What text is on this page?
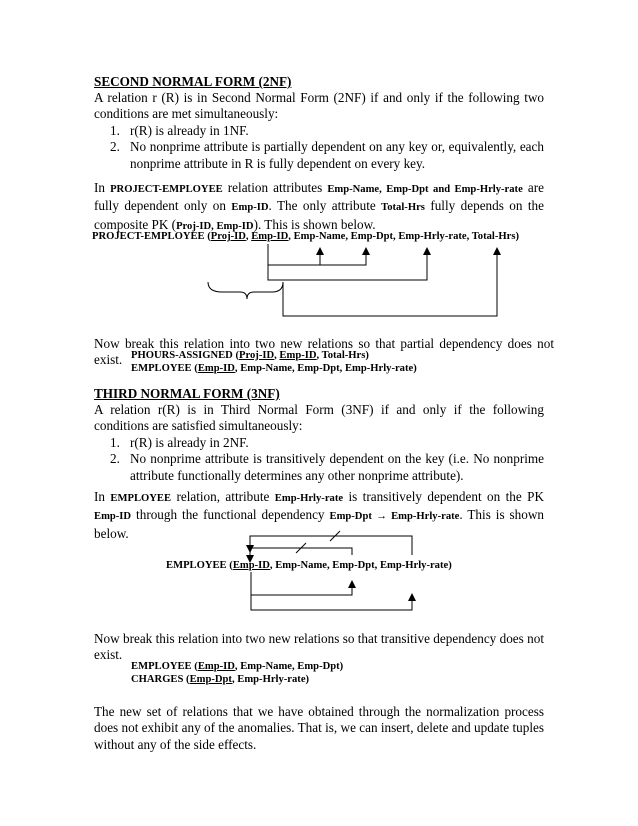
SECOND NORMAL FORM (2NF)

A relation r (R) is in Second Normal Form (2NF) if and only if the following two conditions are met simultaneously:

1. r(R) is already in 1NF.
2. No nonprime attribute is partially dependent on any key or, equivalently, each nonprime attribute in R is fully dependent on every key.

In PROJECT-EMPLOYEE relation attributes Emp-Name, Emp-Dpt and Emp-Hrly-rate are fully dependent only on Emp-ID. The only attribute Total-Hrs fully depends on the composite PK (Proj-ID, Emp-ID). This is shown below.

PROJECT-EMPLOYEE (Proj-ID, Emp-ID, Emp-Name, Emp-Dpt, Emp-Hrly-rate, Total-Hrs)

Now break this relation into two new relations so that partial dependency does not exist. PHOURS-ASSIGNED (Proj-ID, Emp-ID, Total-Hrs)
EMPLOYEE (Emp-ID, Emp-Name, Emp-Dpt, Emp-Hrly-rate)

THIRD NORMAL FORM (3NF)

A relation r(R) is in Third Normal Form (3NF) if and only if the following conditions are satisfied simultaneously:

1. r(R) is already in 2NF.
2. No nonprime attribute is transitively dependent on the key (i.e. No nonprime attribute functionally determines any other nonprime attribute).

In EMPLOYEE relation, attribute Emp-Hrly-rate is transitively dependent on the PK Emp-ID through the functional dependency Emp-Dpt → Emp-Hrly-rate. This is shown below.

EMPLOYEE (Emp-ID, Emp-Name, Emp-Dpt, Emp-Hrly-rate)

Now break this relation into two new relations so that transitive dependency does not exist.

EMPLOYEE (Emp-ID, Emp-Name, Emp-Dpt)
CHARGES (Emp-Dpt, Emp-Hrly-rate)

The new set of relations that we have obtained through the normalization process does not exhibit any of the anomalies. That is, we can insert, delete and update tuples without any of the side effects.
